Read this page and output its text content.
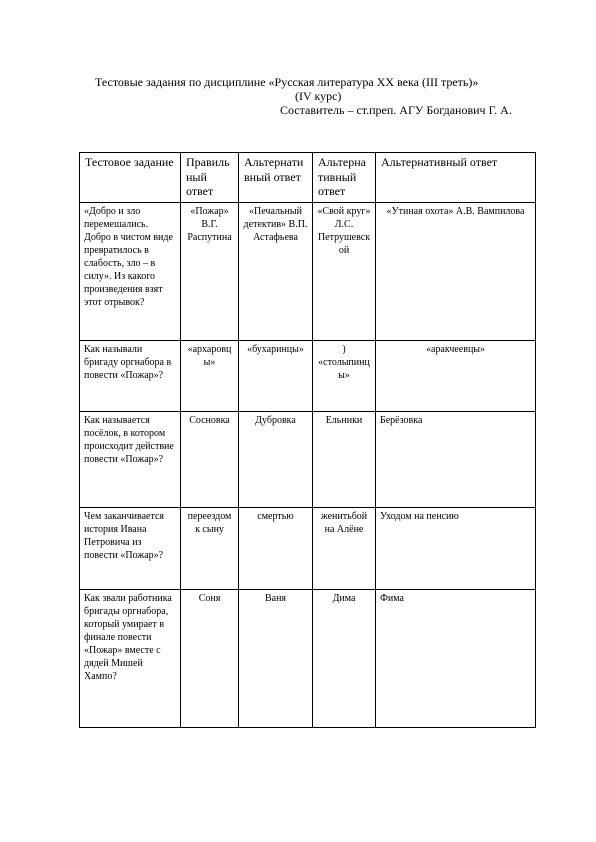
Тестовые задания по дисциплине «Русская литература ХХ века (III треть)»
(IV курс)
Составитель – ст.преп. АГУ Богданович Г. А.
Тестовое задание	Правильный ответ	Альтернативный ответ	Альтернативный ответ	Альтернативный ответ
«Добро и зло перемешались. Добро в чистом виде превратилось в слабость, зло – в силу». Из какого произведения взят этот отрывок?	«Пожар» В.Г. Распутина	«Печальный детектив» В.П. Астафьева	«Свой круг» Л.С. Петрушевской	«Утиная охота» А.В. Вампилова
Как называли бригаду оргнабора в повести «Пожар»?	«архаровцы»	«бухаринцы»	) «столыпинцы»	«аракчеевцы»
Как называется посёлок, в котором происходит действие повести «Пожар»?	Сосновка	Дубровка	Ельники	Берёзовка
Чем заканчивается история Ивана Петровича из повести «Пожар»?	переездом к сыну	смертью	женитьбой на Алёне	Уходом на пенсию
Как звали работника бригады оргнабора, который умирает в финале повести «Пожар» вместе с дядей Мишей Хампо?	Соня	Ваня	Дима	Фима
